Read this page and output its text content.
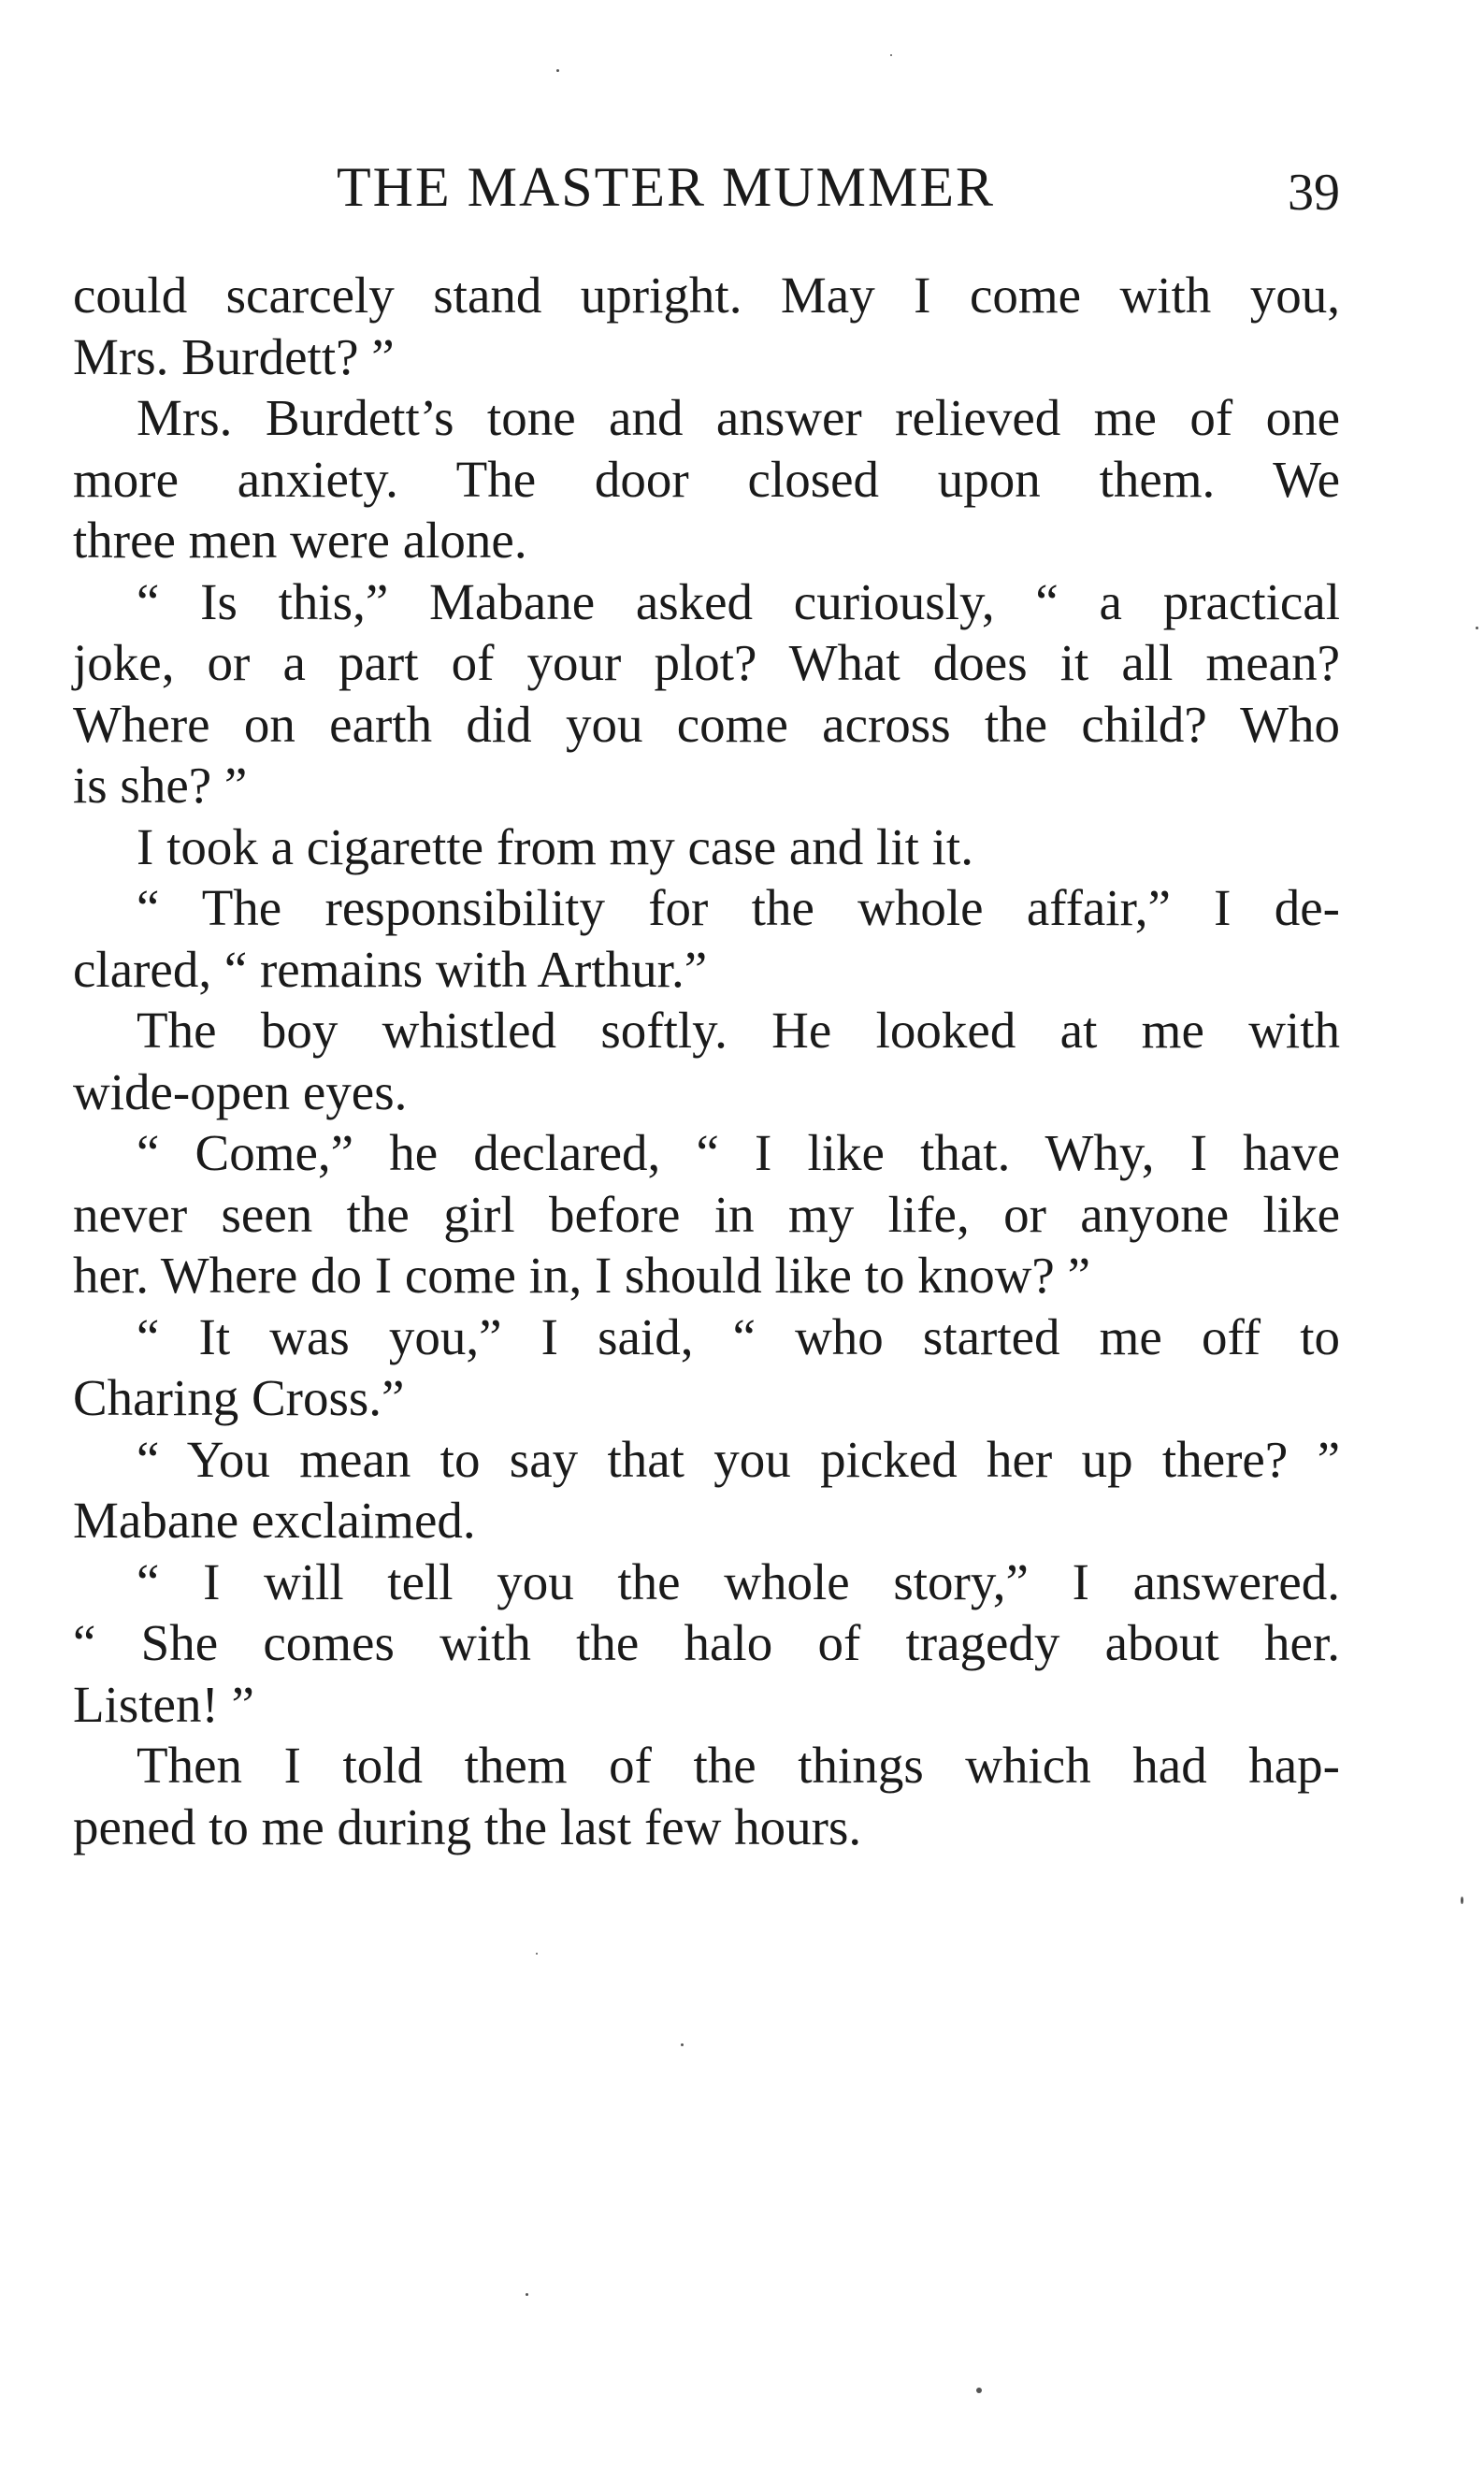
THE MASTER MUMMER	39
could scarcely stand upright. May I come with you,
Mrs. Burdett? ”
Mrs. Burdett’s tone and answer relieved me of one
more anxiety. The door closed upon them. We
three men were alone.
“ Is this,” Mabane asked curiously, “ a practical
joke, or a part of your plot? What does it all mean?
Where on earth did you come across the child? Who
is she? ”
I took a cigarette from my case and lit it.
“ The responsibility for the whole affair,” I de-
clared, “ remains with Arthur.”
The boy whistled softly. He looked at me with
wide-open eyes.
“ Come,” he declared, “ I like that. Why, I have
never seen the girl before in my life, or anyone like
her. Where do I come in, I should like to know? ”
“ It was you,” I said, “ who started me off to
Charing Cross.”
“ You mean to say that you picked her up there? ”
Mabane exclaimed.
“ I will tell you the whole story,” I answered.
“ She comes with the halo of tragedy about her.
Listen! ”
Then I told them of the things which had hap-
pened to me during the last few hours.
